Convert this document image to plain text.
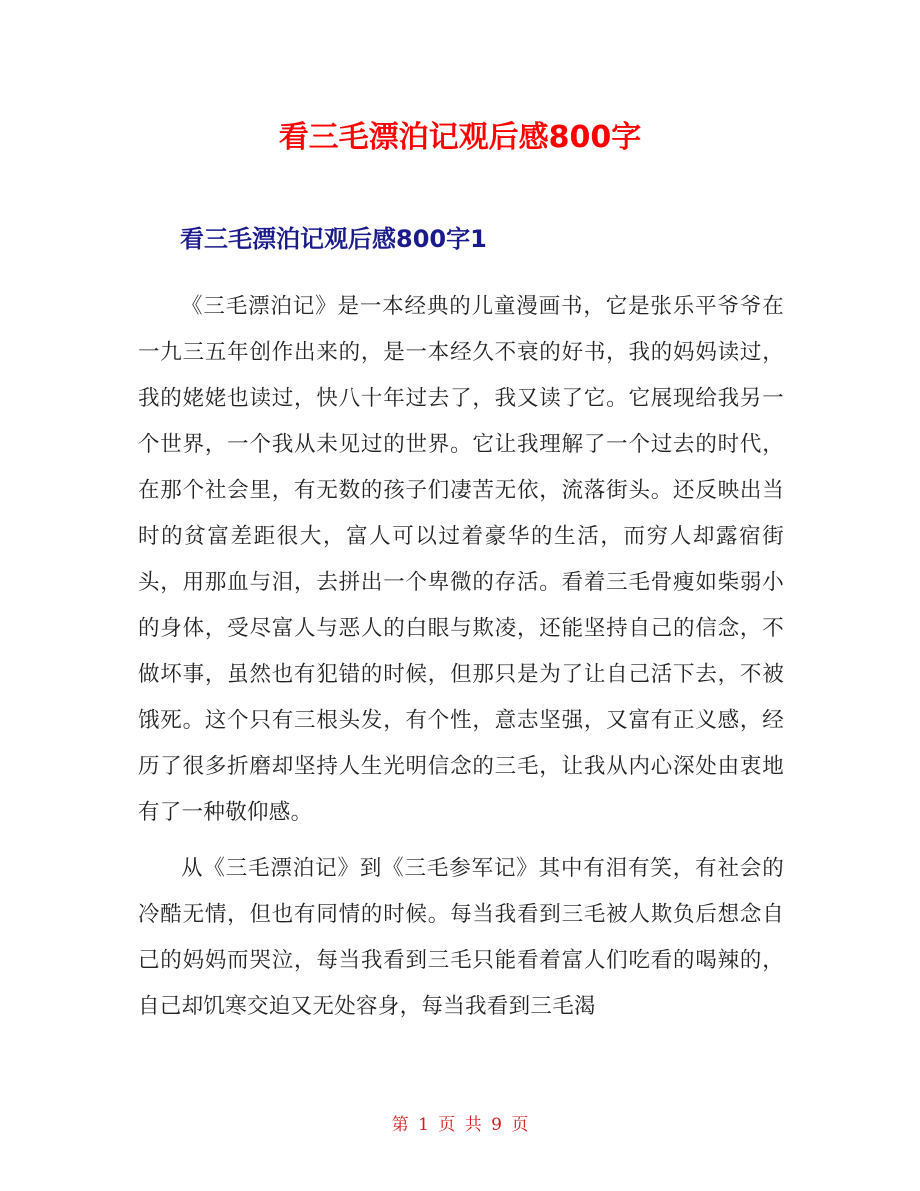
看三毛漂泊记观后感800字
看三毛漂泊记观后感800字1

《三毛漂泊记》是一本经典的儿童漫画书，它是张乐平爷爷在一九三五年创作出来的，是一本经久不衰的好书，我的妈妈读过，我的姥姥也读过，快八十年过去了，我又读了它。它展现给我另一个世界，一个我从未见过的世界。它让我理解了一个过去的时代，在那个社会里，有无数的孩子们凄苦无依，流落街头。还反映出当时的贫富差距很大，富人可以过着豪华的生活，而穷人却露宿街头，用那血与泪，去拼出一个卑微的存活。看着三毛骨瘦如柴弱小的身体，受尽富人与恶人的白眼与欺凌，还能坚持自己的信念，不做坏事，虽然也有犯错的时候，但那只是为了让自己活下去，不被饿死。这个只有三根头发，有个性，意志坚强，又富有正义感，经历了很多折磨却坚持人生光明信念的三毛，让我从内心深处由衷地有了一种敬仰感。

从《三毛漂泊记》到《三毛参军记》其中有泪有笑，有社会的冷酷无情，但也有同情的时候。每当我看到三毛被人欺负后想念自己的妈妈而哭泣，每当我看到三毛只能看着富人们吃看的喝辣的，自己却饥寒交迫又无处容身，每当我看到三毛渴

第 1 页 共 9 页
